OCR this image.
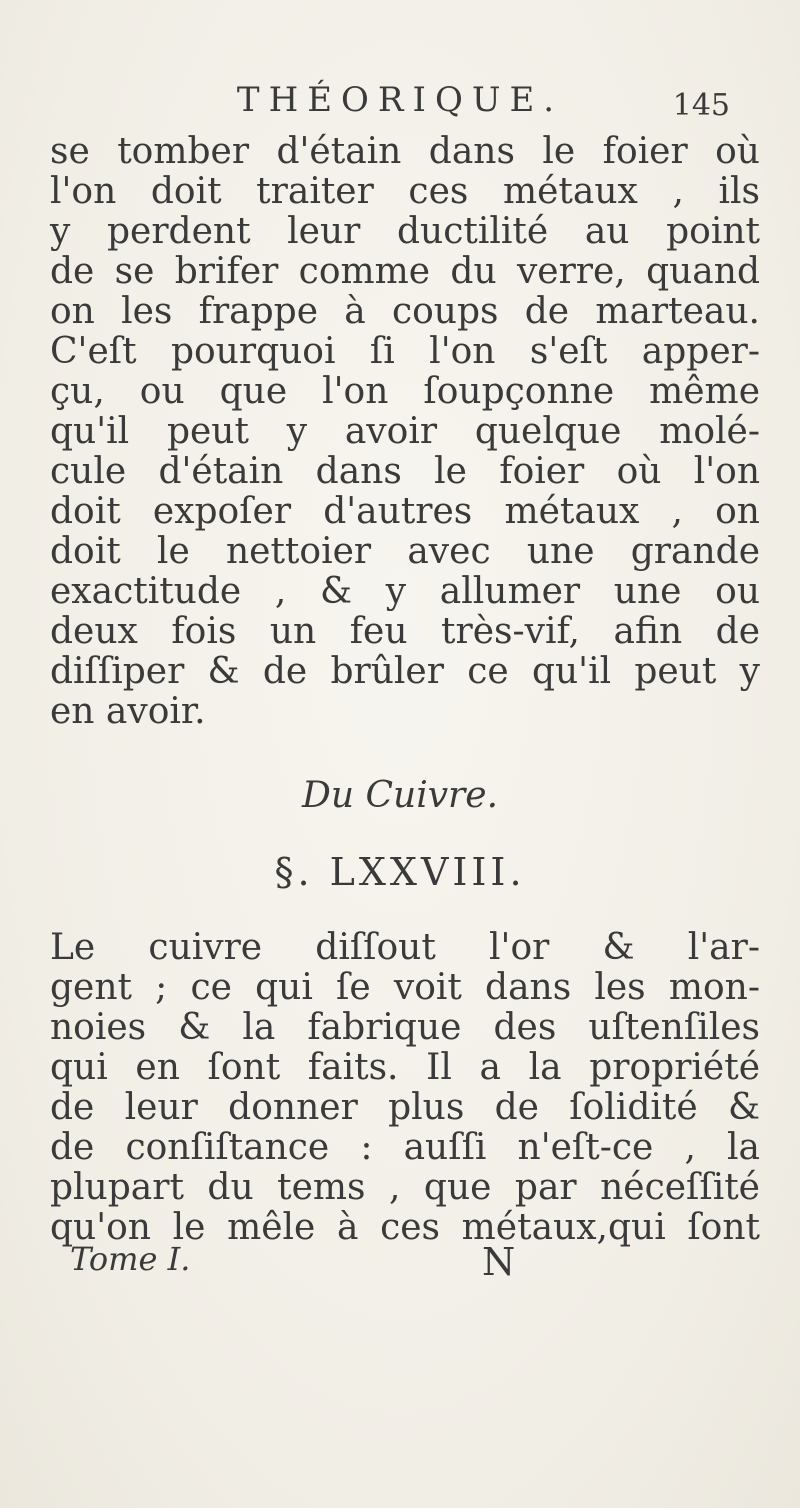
THÉORIQUE.	145
se tomber d'étain dans le foier où
l'on doit traiter ces métaux , ils
y perdent leur ductilité au point
de se brifer comme du verre, quand
on les frappe à coups de marteau.
C'eſt pourquoi ſi l'on s'eſt apper-
çu, ou que l'on ſoupçonne même
qu'il peut y avoir quelque molé-
cule d'étain dans le foier où l'on
doit expoſer d'autres métaux , on
doit le nettoier avec une grande
exactitude , & y allumer une ou
deux fois un feu très-vif, afin de
diſſiper & de brûler ce qu'il peut y
en avoir.
Du Cuivre.
§. LXXVIII.
Le cuivre diſſout l'or & l'ar-
gent ; ce qui ſe voit dans les mon-
noies & la fabrique des uſtenſiles
qui en ſont faits. Il a la propriété
de leur donner plus de ſolidité &
de conſiſtance : auſſi n'eſt-ce , la
plupart du tems , que par néceſſité
qu'on le mêle à ces métaux,qui ſont
Tome I.	N
